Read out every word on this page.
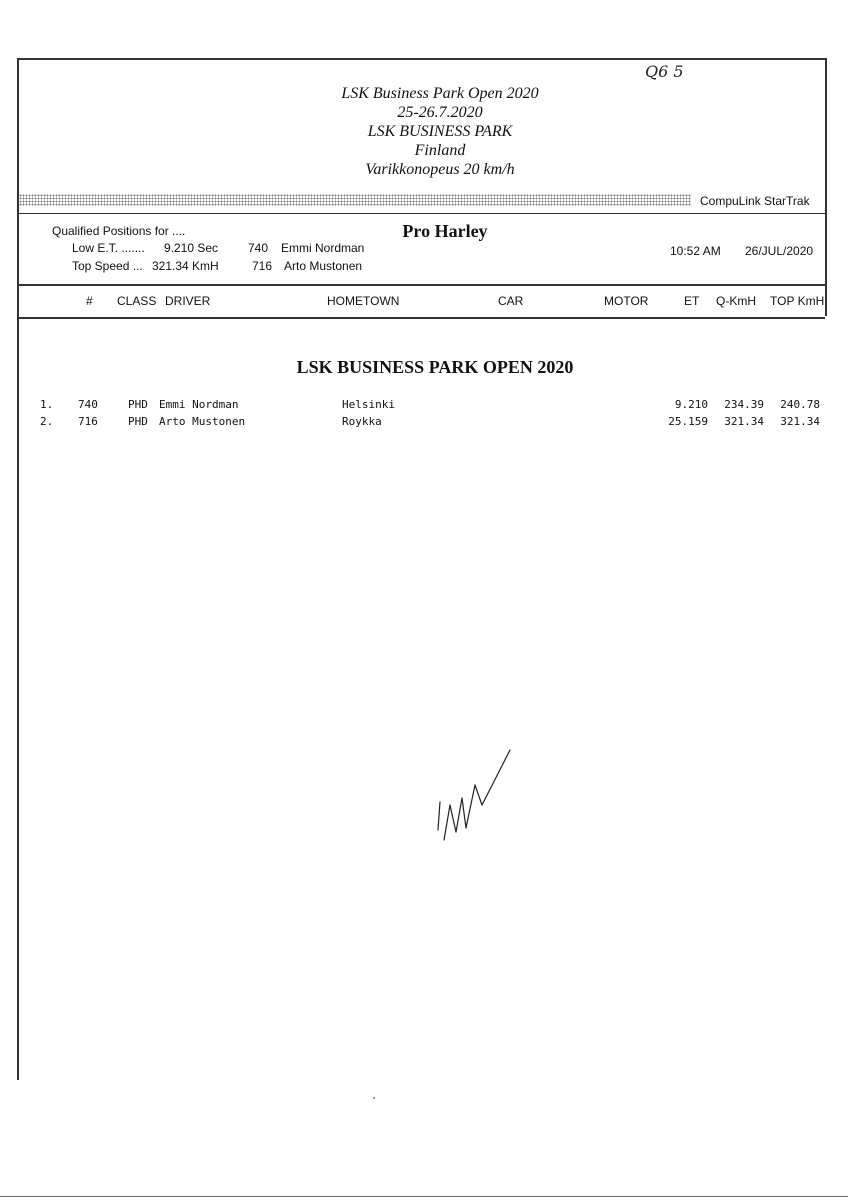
LSK Business Park Open 2020
25-26.7.2020
LSK BUSINESS PARK
Finland
Varikkonopeus 20 km/h
Q6 5
CompuLink StarTrak
Qualified Positions for ....
Low E.T. ....... 9.210 Sec 740 Emmi Nordman
Top Speed ... 321.34 KmH	716 Arto Mustonen
Pro Harley
10:52 AM 26/JUL/2020
# CLASS DRIVER	HOMETOWN	CAR	MOTOR	ET Q-KmH TOP KmH
LSK BUSINESS PARK OPEN 2020
1. 740	PHD Emmi Nordman	Helsinki	9.210	234.39	240.78
2. 716	PHD Arto Mustonen	Roykka	25.159	321.34	321.34
